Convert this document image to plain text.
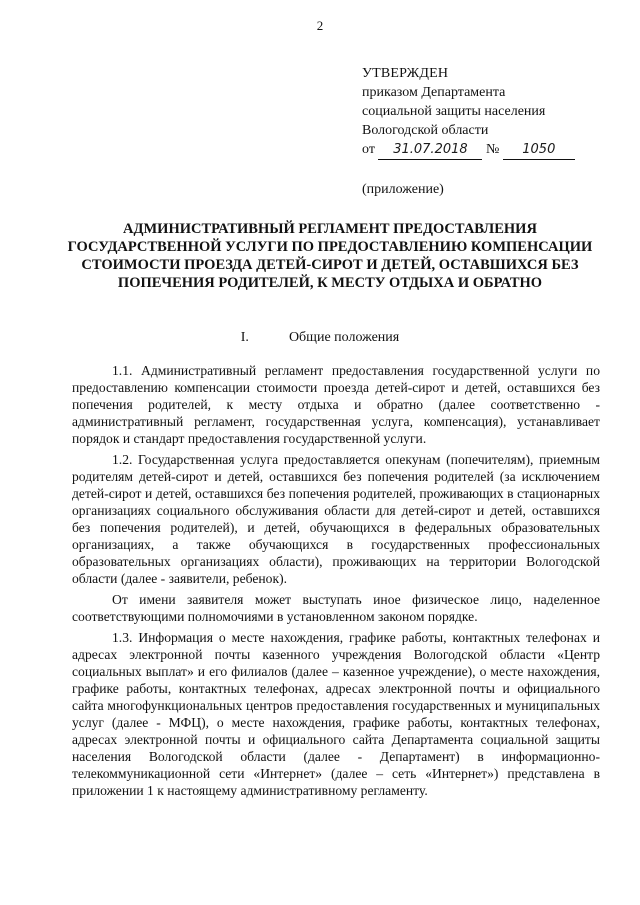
2
УТВЕРЖДЕН
приказом Департамента
социальной защиты населения
Вологодской области
от 31.07.2018 № 1050
(приложение)
АДМИНИСТРАТИВНЫЙ РЕГЛАМЕНТ ПРЕДОСТАВЛЕНИЯ ГОСУДАРСТВЕННОЙ УСЛУГИ ПО ПРЕДОСТАВЛЕНИЮ КОМПЕНСАЦИИ СТОИМОСТИ ПРОЕЗДА ДЕТЕЙ-СИРОТ И ДЕТЕЙ, ОСТАВШИХСЯ БЕЗ ПОПЕЧЕНИЯ РОДИТЕЛЕЙ, К МЕСТУ ОТДЫХА И ОБРАТНО
I.	Общие положения

1.1. Административный регламент предоставления государственной услуги по предоставлению компенсации стоимости проезда детей-сирот и детей, оставшихся без попечения родителей, к месту отдыха и обратно (далее соответственно - административный регламент, государственная услуга, компенсация), устанавливает порядок и стандарт предоставления государственной услуги.

1.2. Государственная услуга предоставляется опекунам (попечителям), приемным родителям детей-сирот и детей, оставшихся без попечения родителей (за исключением детей-сирот и детей, оставшихся без попечения родителей, проживающих в стационарных организациях социального обслуживания области для детей-сирот и детей, оставшихся без попечения родителей), и детей, обучающихся в федеральных образовательных организациях, а также обучающихся в государственных профессиональных образовательных организациях области), проживающих на территории Вологодской области (далее - заявители, ребенок).

От имени заявителя может выступать иное физическое лицо, наделенное соответствующими полномочиями в установленном законом порядке.

1.3. Информация о месте нахождения, графике работы, контактных телефонах и адресах электронной почты казенного учреждения Вологодской области «Центр социальных выплат» и его филиалов (далее – казенное учреждение), о месте нахождения, графике работы, контактных телефонах, адресах электронной почты и официального сайта многофункциональных центров предоставления государственных и муниципальных услуг (далее - МФЦ), о месте нахождения, графике работы, контактных телефонах, адресах электронной почты и официального сайта Департамента социальной защиты населения Вологодской области (далее - Департамент) в информационно-телекоммуникационной сети «Интернет» (далее – сеть «Интернет») представлена в приложении 1 к настоящему административному регламенту.
